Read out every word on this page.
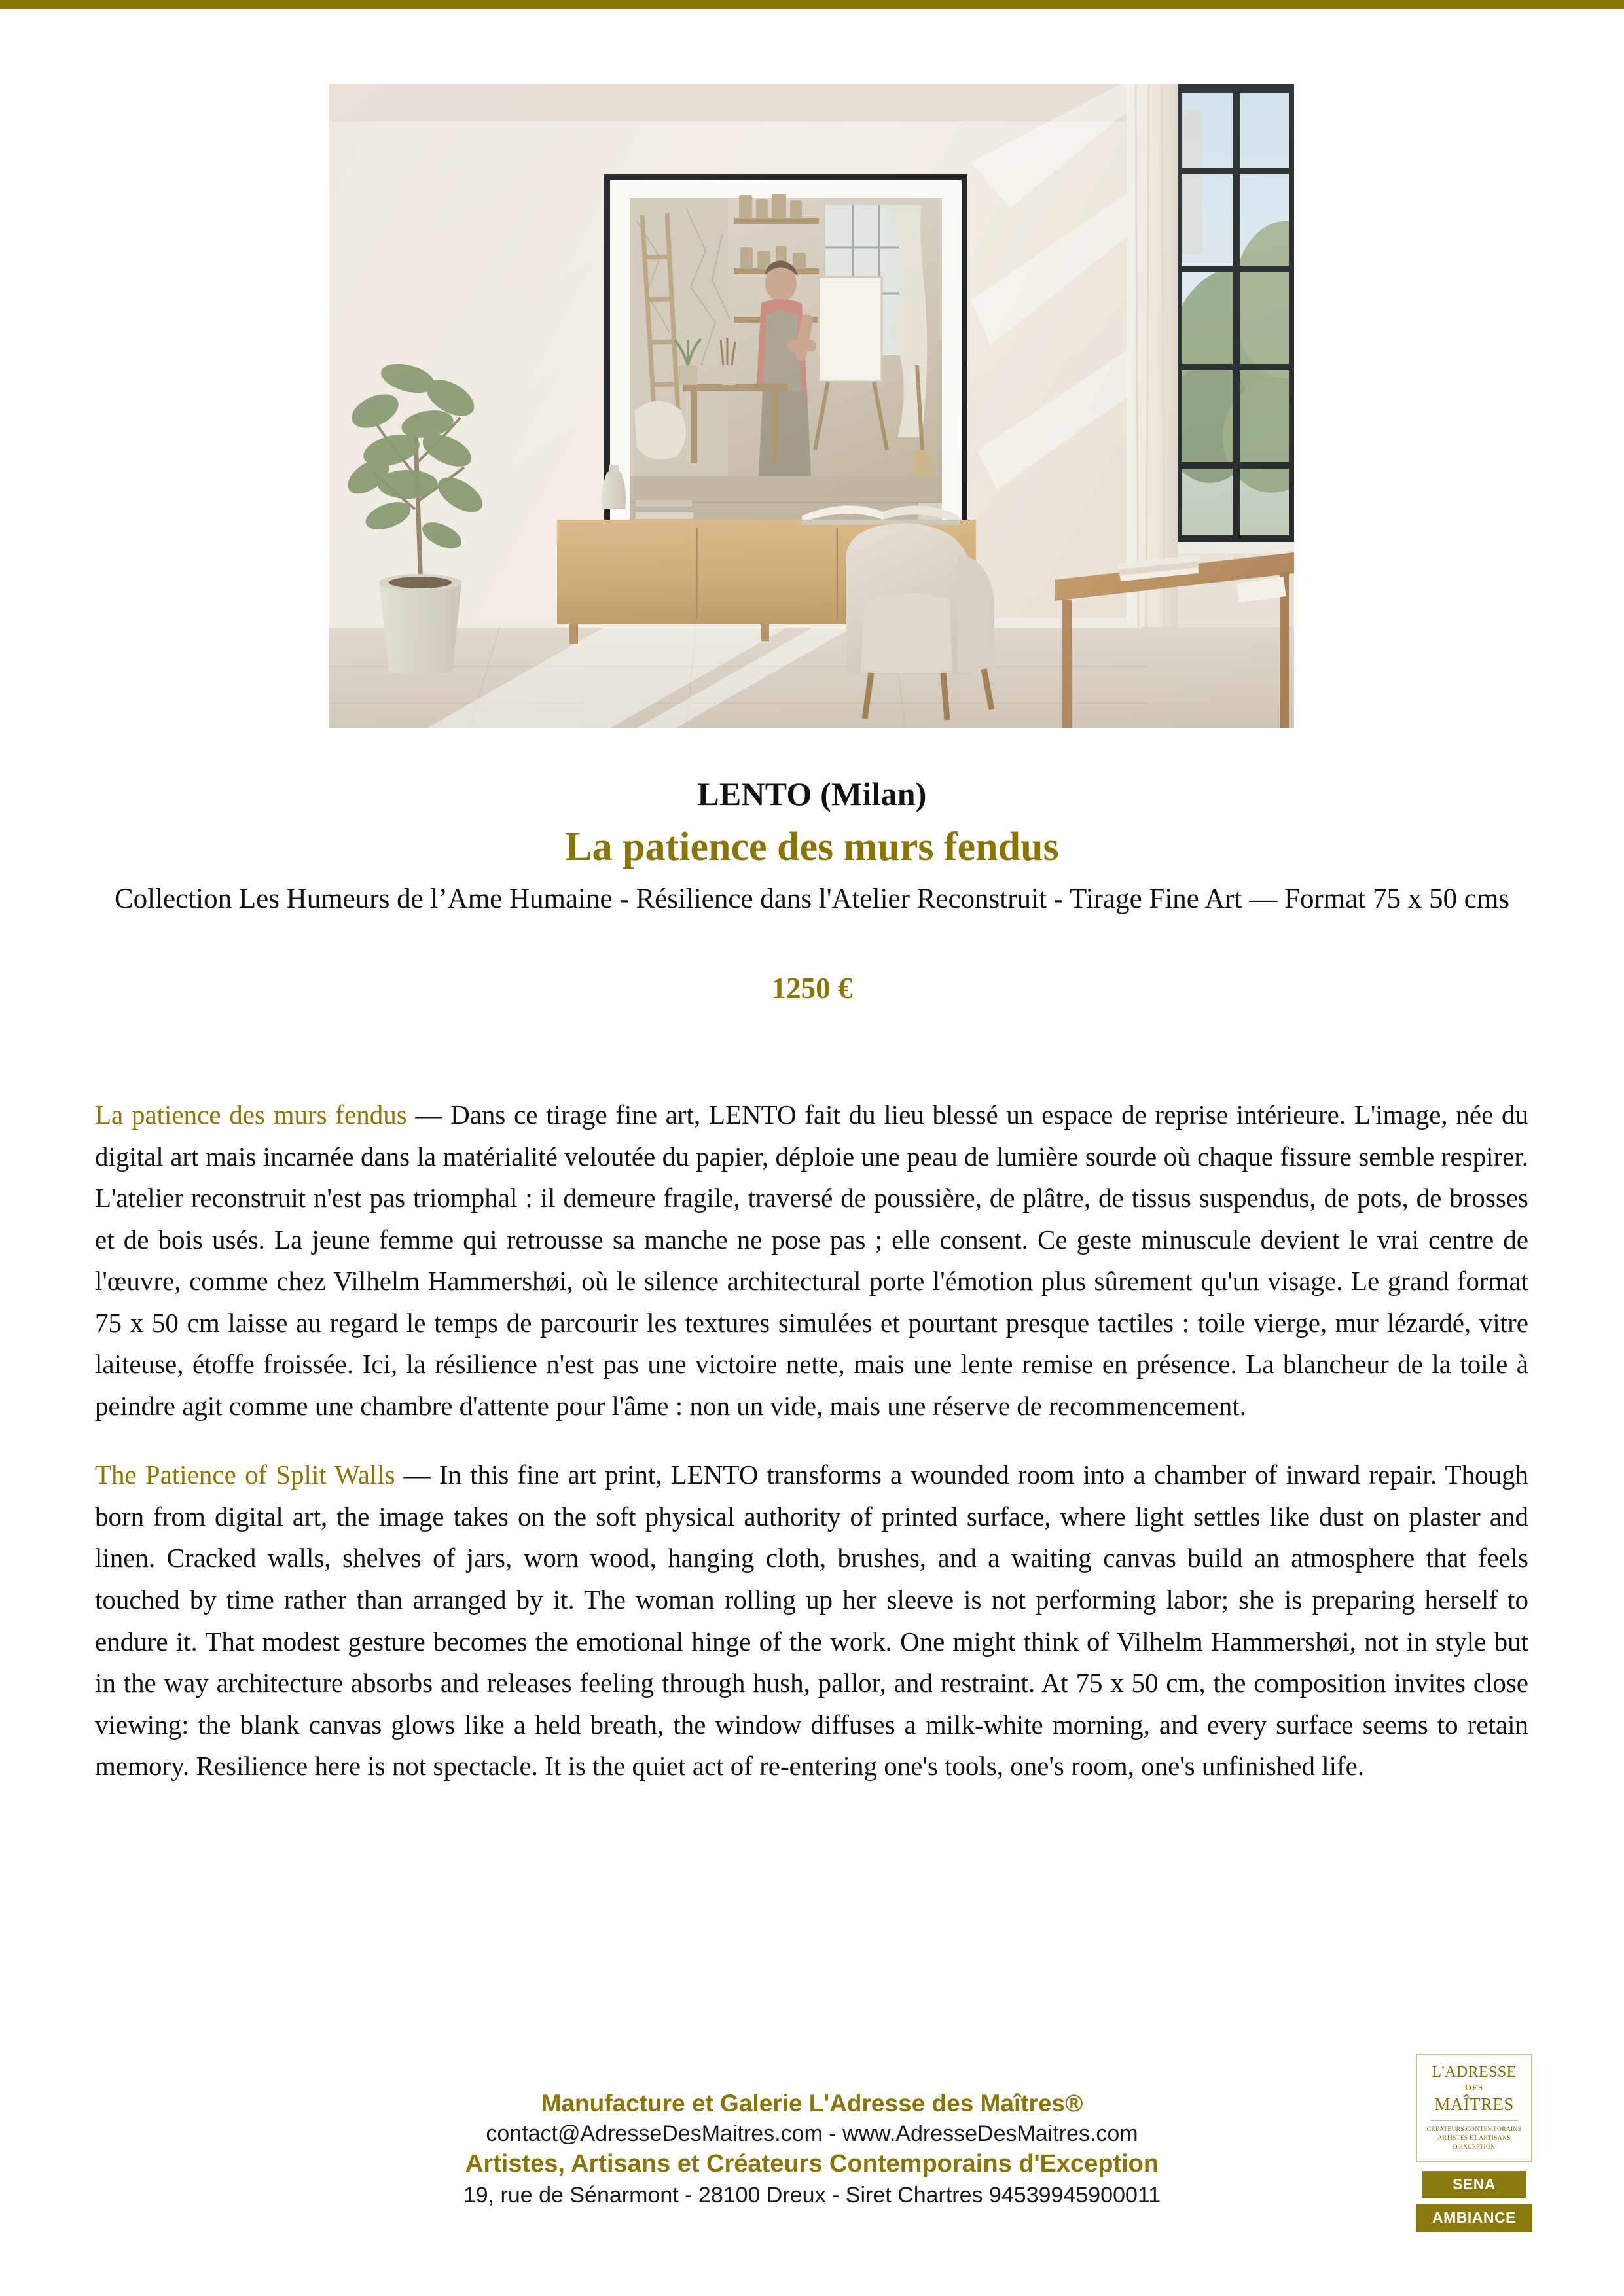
LENTO (Milan)
La patience des murs fendus
Collection Les Humeurs de l’Ame Humaine - Résilience dans l'Atelier Reconstruit - Tirage Fine Art — Format 75 x 50 cms
1250 €

La patience des murs fendus — Dans ce tirage fine art, LENTO fait du lieu blessé un espace de reprise intérieure. L'image, née du digital art mais incarnée dans la matérialité veloutée du papier, déploie une peau de lumière sourde où chaque fissure semble respirer. L'atelier reconstruit n'est pas triomphal : il demeure fragile, traversé de poussière, de plâtre, de tissus suspendus, de pots, de brosses et de bois usés. La jeune femme qui retrousse sa manche ne pose pas ; elle consent. Ce geste minuscule devient le vrai centre de l'œuvre, comme chez Vilhelm Hammershøi, où le silence architectural porte l'émotion plus sûrement qu'un visage. Le grand format 75 x 50 cm laisse au regard le temps de parcourir les textures simulées et pourtant presque tactiles : toile vierge, mur lézardé, vitre laiteuse, étoffe froissée. Ici, la résilience n'est pas une victoire nette, mais une lente remise en présence. La blancheur de la toile à peindre agit comme une chambre d'attente pour l'âme : non un vide, mais une réserve de recommencement.

The Patience of Split Walls — In this fine art print, LENTO transforms a wounded room into a chamber of inward repair. Though born from digital art, the image takes on the soft physical authority of printed surface, where light settles like dust on plaster and linen. Cracked walls, shelves of jars, worn wood, hanging cloth, brushes, and a waiting canvas build an atmosphere that feels touched by time rather than arranged by it. The woman rolling up her sleeve is not performing labor; she is preparing herself to endure it. That modest gesture becomes the emotional hinge of the work. One might think of Vilhelm Hammershøi, not in style but in the way architecture absorbs and releases feeling through hush, pallor, and restraint. At 75 x 50 cm, the composition invites close viewing: the blank canvas glows like a held breath, the window diffuses a milk-white morning, and every surface seems to retain memory. Resilience here is not spectacle. It is the quiet act of re-entering one's tools, one's room, one's unfinished life.

Manufacture et Galerie L'Adresse des Maîtres®
contact@AdresseDesMaitres.com - www.AdresseDesMaitres.com
Artistes, Artisans et Créateurs Contemporains d'Exception
19, rue de Sénarmont - 28100 Dreux - Siret Chartres 94539945900011
L'ADRESSE
DES
MAÎTRES
CRÉATEURS CONTEMPORAINS
ARTISTES ET ARTISANS
D'EXCEPTION
SENA
AMBIANCE
